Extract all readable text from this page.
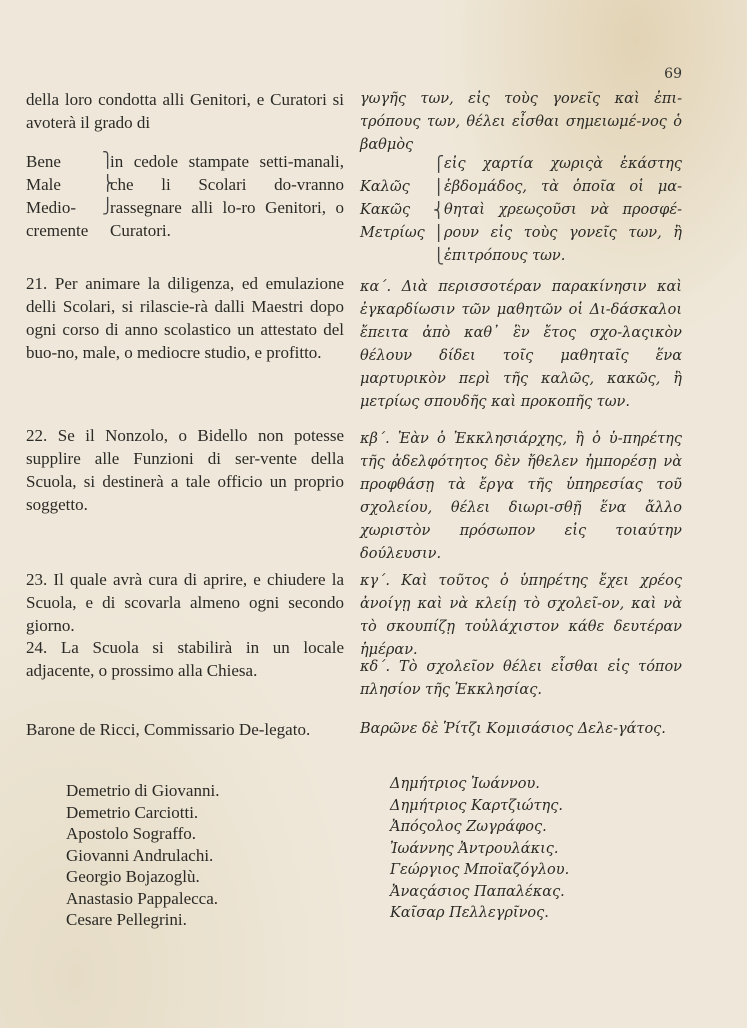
69
della loro condotta alli Genitori, e Curatori si avoterà il grado di
Bene
Male
Medio-
cremente
⎫
⎬
⎭

in cedole stampate setti-manali, che li Scolari do-vranno rassegnare alli lo-ro Genitori, o Curatori.
21. Per animare la diligenza, ed emulazione delli Scolari, si rilascie-rà dalli Maestri dopo ogni corso di anno scolastico un attestato del buo-no, male, o mediocre studio, e profitto.
22. Se il Nonzolo, o Bidello non potesse supplire alle Funzioni di ser-vente della Scuola, si destinerà a tale officio un proprio soggetto.
23. Il quale avrà cura di aprire, e chiudere la Scuola, e di scovarla almeno ogni secondo giorno.
24. La Scuola si stabilirà in un locale adjacente, o prossimo alla Chiesa.
Barone de Ricci, Commissario De-legato.
Demetrio di Giovanni.
Demetrio Carciotti.
Apostolo Sograffo.
Giovanni Andrulachi.
Georgio Bojazoglù.
Anastasio Pappalecca.
Cesare Pellegrini.
γωγῆς των, εἰς τοὺς γονεῖς καὶ ἐπι-τρόπους των, θέλει εἶσθαι σημειωμέ-νος ὁ βαθμὸς
Καλῶς
Κακῶς
Μετρίως
⎧
⎪
⎨
⎪
⎩
εἰς χαρτία χωριςὰ ἑκάστης ἑβδομάδος, τὰ ὁποῖα οἱ μα-θηταὶ χρεωςοῦσι νὰ προσφέ-ρουν εἰς τοὺς γονεῖς των, ἢ ἐπιτρόπους των.
κα΄. Διὰ περισσοτέραν παρακίνησιν καὶ ἐγκαρδίωσιν τῶν μαθητῶν οἱ Δι-δάσκαλοι ἔπειτα ἀπὸ καθ᾿ ἓν ἔτος σχο-λαςικὸν θέλουν δίδει τοῖς μαθηταῖς ἕνα μαρτυρικὸν περὶ τῆς καλῶς, κακῶς, ἢ μετρίως σπουδῆς καὶ προκοπῆς των.
κβ΄. Ἐὰν ὁ Ἐκκλησιάρχης, ἢ ὁ ὑ-πηρέτης τῆς ἀδελφότητος δὲν ἤθελεν ἠμπορέσῃ νὰ προφθάσῃ τὰ ἔργα τῆς ὑπηρεσίας τοῦ σχολείου, θέλει διωρι-σθῇ ἕνα ἄλλο χωριστὸν πρόσωπον εἰς τοιαύτην δούλευσιν.
κγ΄. Καὶ τοῦτος ὁ ὑπηρέτης ἔχει χρέος ἀνοίγῃ καὶ νὰ κλείῃ τὸ σχολεῖ-ον, καὶ νὰ τὸ σκουπίζῃ τοὐλάχιστον κάθε δευτέραν ἡμέραν.
κδ΄. Τὸ σχολεῖον θέλει εἶσθαι εἰς τόπον πλησίον τῆς Ἐκκλησίας.
Βαρῶνε δὲ Ῥίτζι Κομισάσιος Δελε-γάτος.
Δημήτριος Ἰωάννου.
Δημήτριος Καρτζιώτης.
Ἀπόςολος Ζωγράφος.
Ἰωάννης Ἀντρουλάκις.
Γεώργιος Μποϊαζόγλου.
Ἀναςάσιος Παπαλέκας.
Καῖσαρ Πελλεγρῖνος.
